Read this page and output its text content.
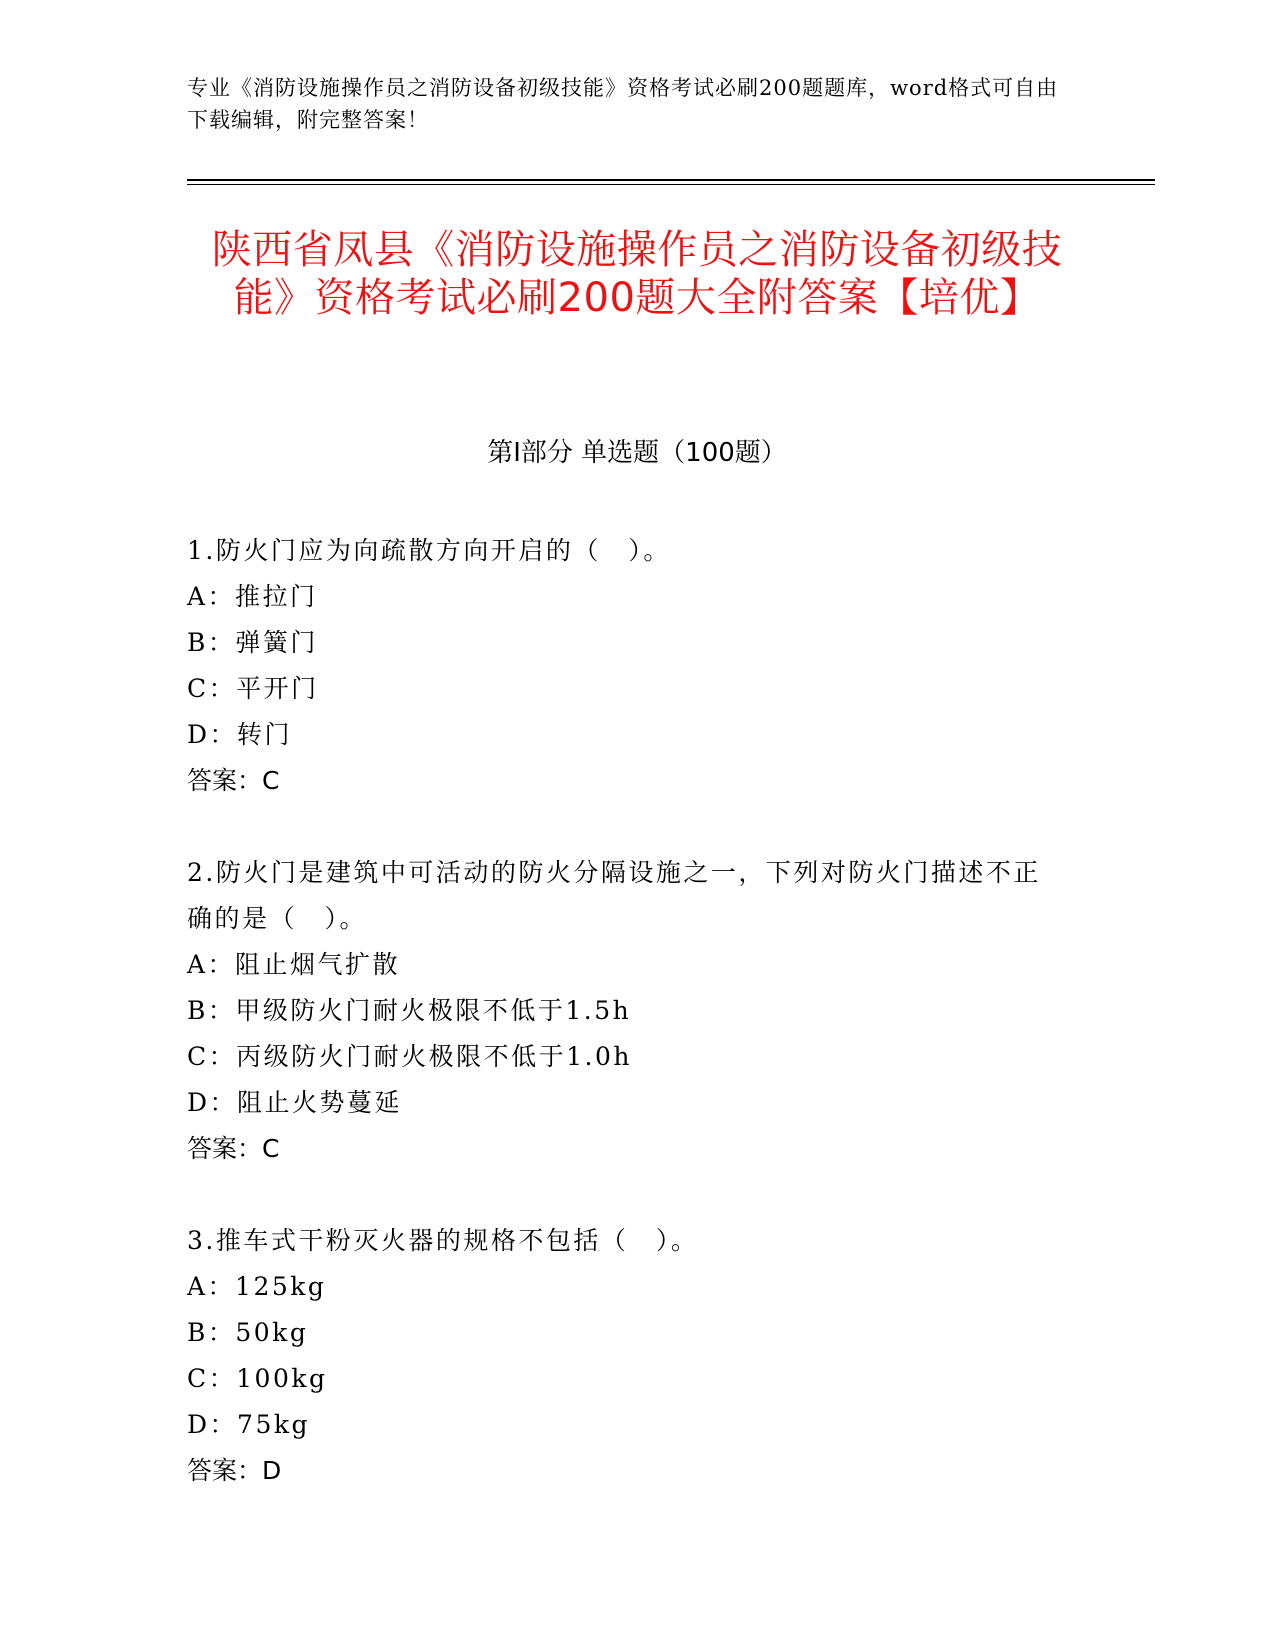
专业《消防设施操作员之消防设备初级技能》资格考试必刷200题题库，word格式可自由下载编辑，附完整答案！
陕西省凤县《消防设施操作员之消防设备初级技能》资格考试必刷200题大全附答案【培优】
第Ⅰ部分 单选题（100题）

1.防火门应为向疏散方向开启的（　）。

A：推拉门

B：弹簧门

C：平开门

D：转门

答案：C

2.防火门是建筑中可活动的防火分隔设施之一，下列对防火门描述不正确的是（　）。

A：阻止烟气扩散

B：甲级防火门耐火极限不低于1.5h

C：丙级防火门耐火极限不低于1.0h

D：阻止火势蔓延

答案：C

3.推车式干粉灭火器的规格不包括（　）。

A：125kg

B：50kg

C：100kg

D：75kg

答案：D
